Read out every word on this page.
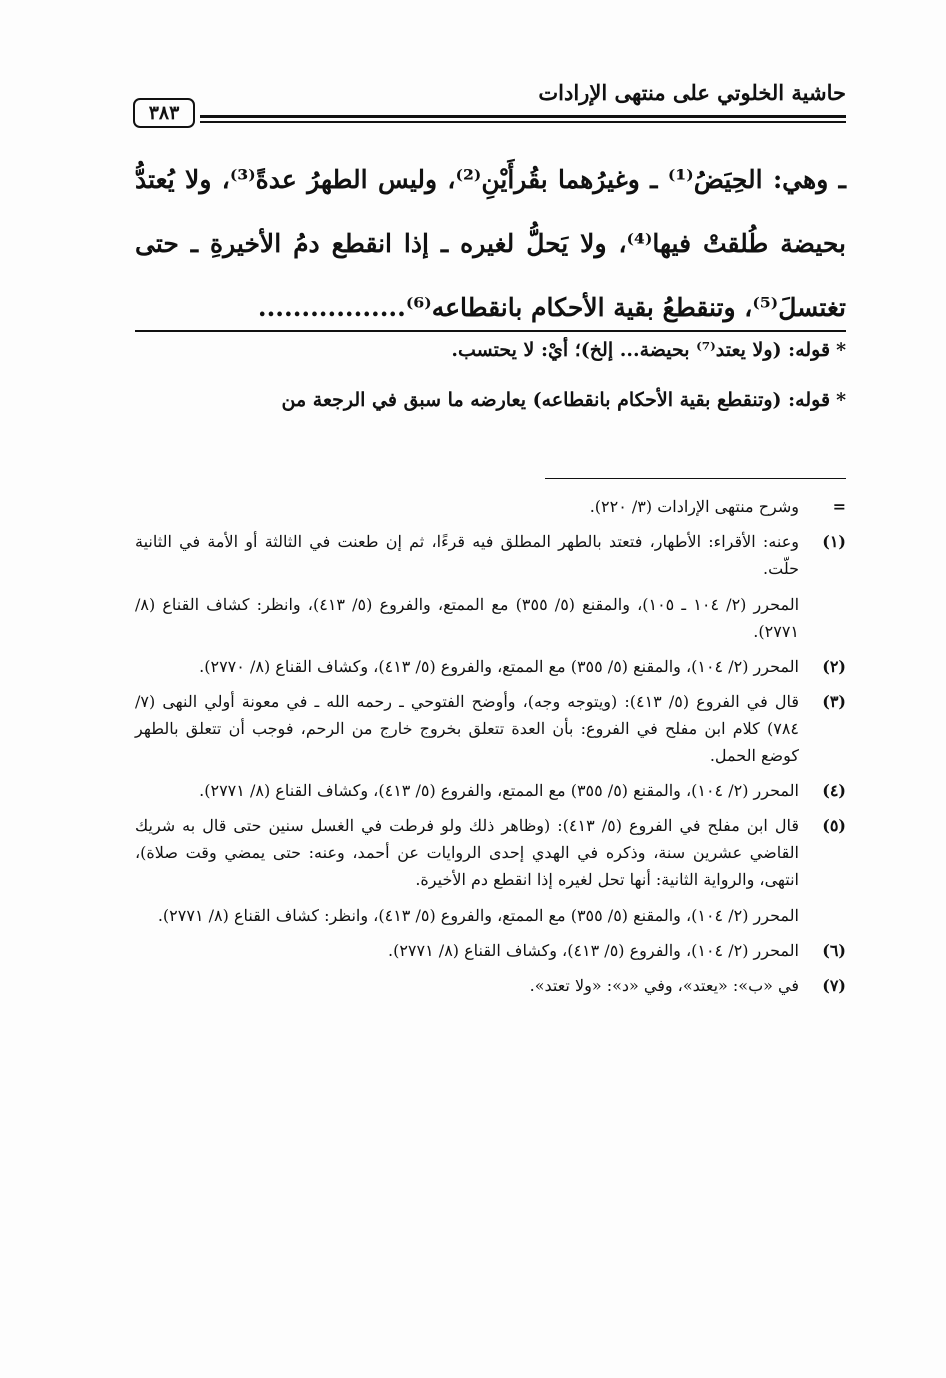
حاشية الخلوتي على منتهى الإرادات
٣٨٣
ـ وهي: الحِيَضُ⁽¹⁾ ـ وغيرُهما بقُرأَيْنِ⁽²⁾، وليس الطهرُ عدةً⁽³⁾، ولا يُعتدُّ بحيضة طُلقتْ فيها⁽⁴⁾، ولا يَحلُّ لغيره ـ إذا انقطع دمُ الأخيرةِ ـ حتى تغتسلَ⁽⁵⁾، وتنقطعُ بقية الأحكام بانقطاعه⁽⁶⁾.................

*قوله: (ولا يعتد⁽⁷⁾ بحيضة... إلخ)؛ أيْ: لا يحتسب.

*قوله: (وتنقطع بقية الأحكام بانقطاعه) يعارضه ما سبق في الرجعة من

=

وشرح منتهى الإرادات (٣/ ٢٢٠).

(١)

وعنه: الأقراء: الأطهار، فتعتد بالطهر المطلق فيه قرءًا، ثم إن طعنت في الثالثة أو الأمة في الثانية حلّت.

المحرر (٢/ ١٠٤ ـ ١٠٥)، والمقنع (٥/ ٣٥٥) مع الممتع، والفروع (٥/ ٤١٣)، وانظر: كشاف القناع (٨/ ٢٧٧١).

(٢)

المحرر (٢/ ١٠٤)، والمقنع (٥/ ٣٥٥) مع الممتع، والفروع (٥/ ٤١٣)، وكشاف القناع (٨/ ٢٧٧٠).

(٣)

قال في الفروع (٥/ ٤١٣): (ويتوجه وجه)، وأوضح الفتوحي ـ رحمه الله ـ في معونة أولي النهى (٧/ ٧٨٤) كلام ابن مفلح في الفروع: بأن العدة تتعلق بخروج خارج من الرحم، فوجب أن تتعلق بالطهر كوضع الحمل.

(٤)

المحرر (٢/ ١٠٤)، والمقنع (٥/ ٣٥٥) مع الممتع، والفروع (٥/ ٤١٣)، وكشاف القناع (٨/ ٢٧٧١).

(٥)

قال ابن مفلح في الفروع (٥/ ٤١٣): (وظاهر ذلك ولو فرطت في الغسل سنين حتى قال به شريك القاضي عشرين سنة، وذكره في الهدي إحدى الروايات عن أحمد، وعنه: حتى يمضي وقت صلاة)، انتهى، والرواية الثانية: أنها تحل لغيره إذا انقطع دم الأخيرة.

المحرر (٢/ ١٠٤)، والمقنع (٥/ ٣٥٥) مع الممتع، والفروع (٥/ ٤١٣)، وانظر: كشاف القناع (٨/ ٢٧٧١).

(٦)

المحرر (٢/ ١٠٤)، والفروع (٥/ ٤١٣)، وكشاف القناع (٨/ ٢٧٧١).

(٧)

في «ب»: «يعتد»، وفي «د»: «ولا تعتد».
